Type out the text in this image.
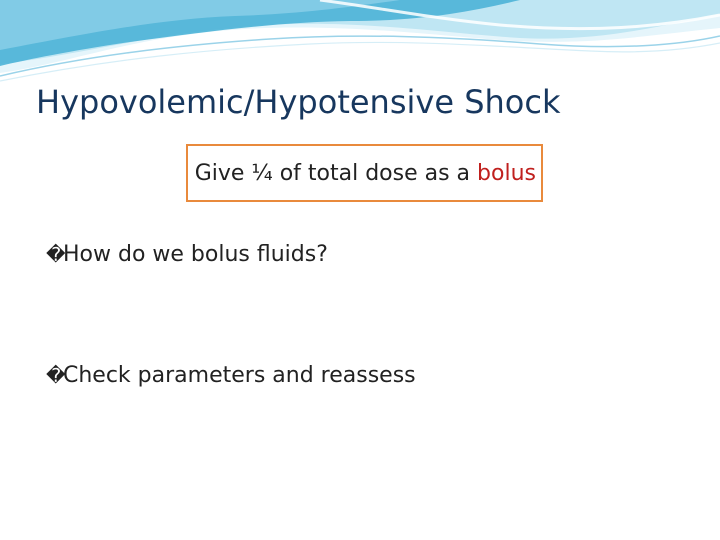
Hypovolemic/Hypotensive Shock
Give ¼ of total dose as a bolus
�How do we bolus fluids?
�Check parameters and reassess
